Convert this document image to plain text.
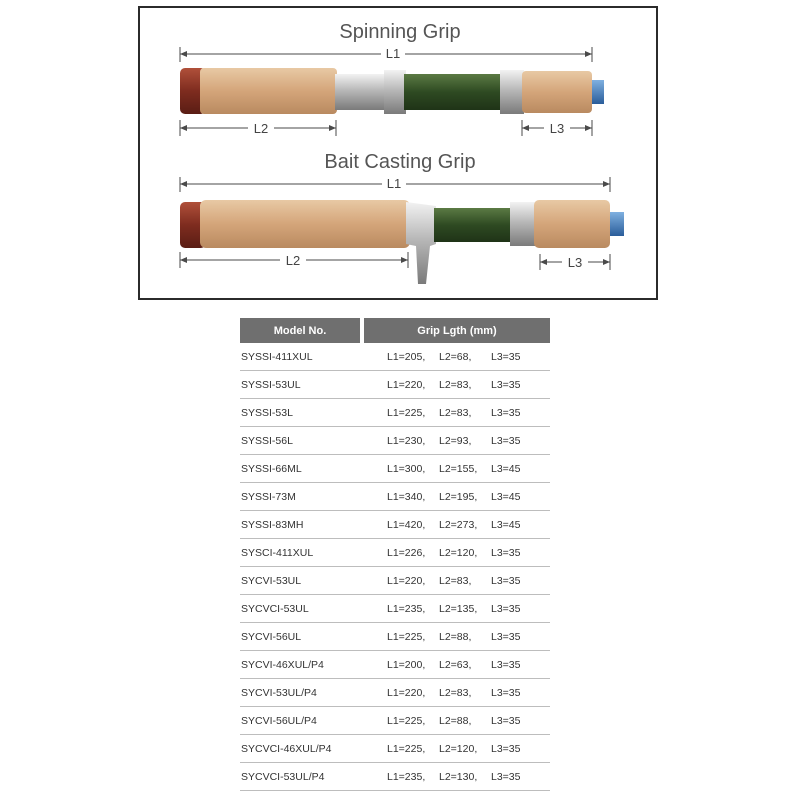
Spinning Grip
L1
L2	L3
Bait Casting Grip
L1
L2	L3
Model No.	Grip Lgth (mm)
SYSSI-411XUL	L1=205, L2=68, L3=35
SYSSI-53UL	L1=220, L2=83, L3=35
SYSSI-53L	L1=225, L2=83, L3=35
SYSSI-56L	L1=230, L2=93, L3=35
SYSSI-66ML	L1=300, L2=155, L3=45
SYSSI-73M	L1=340, L2=195, L3=45
SYSSI-83MH	L1=420, L2=273, L3=45
SYSCI-411XUL	L1=226, L2=120, L3=35
SYCVI-53UL	L1=220, L2=83, L3=35
SYCVCI-53UL	L1=235, L2=135, L3=35
SYCVI-56UL	L1=225, L2=88, L3=35
SYCVI-46XUL/P4	L1=200, L2=63, L3=35
SYCVI-53UL/P4	L1=220, L2=83, L3=35
SYCVI-56UL/P4	L1=225, L2=88, L3=35
SYCVCI-46XUL/P4	L1=225, L2=120, L3=35
SYCVCI-53UL/P4	L1=235, L2=130, L3=35
